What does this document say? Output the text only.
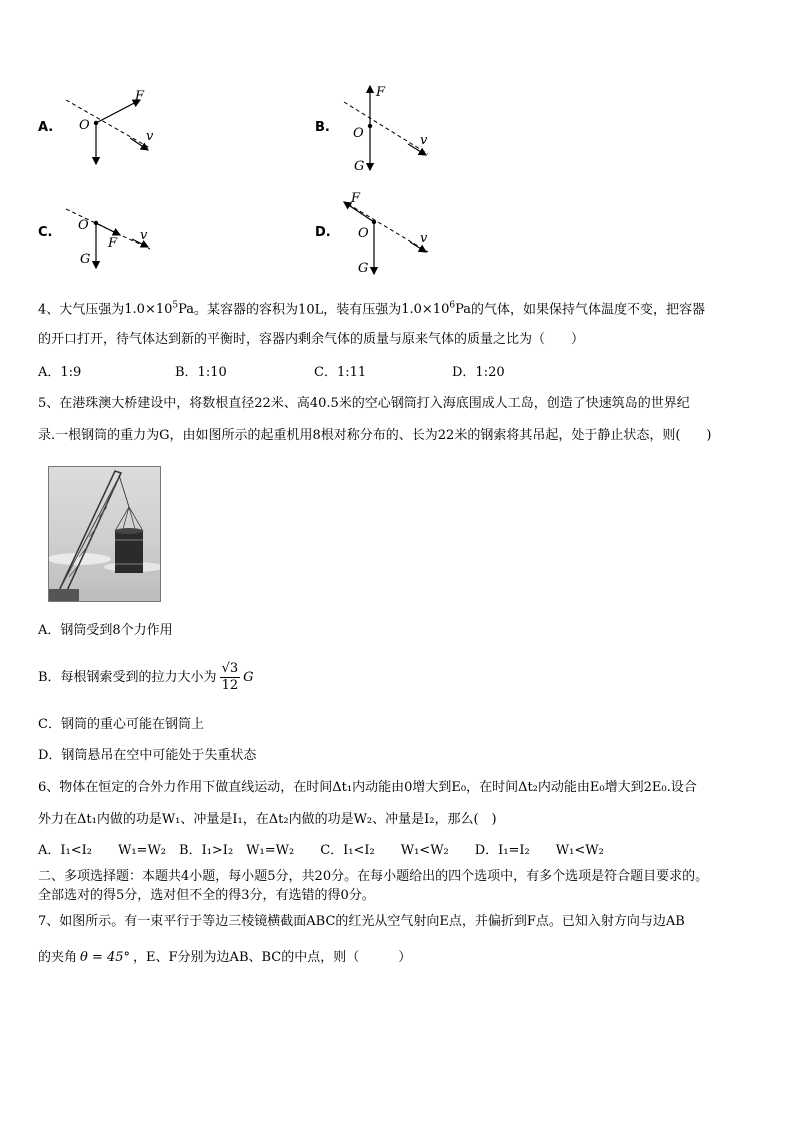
A. O
F
v
B.
F
O	v
G
C. O
F
v
G
D.
F
O	v
G
4、大气压强为$1.0\times 10^5Pa$。某容器的容积为10L，装有压强为$1.0\times 10^6Pa$的气体，如果保持气体温度不变，把容器
的开口打开，待气体达到新的平衡时，容器内剩余气体的质量与原来气体的质量之比为（　　）
A．1:9	B．1:10	C．1:11	D．1:20
5、在港珠澳大桥建设中，将数根直径22米、高40.5米的空心钢筒打入海底围成人工岛，创造了快速筑岛的世界纪
录.一根钢筒的重力为G，由如图所示的起重机用8根对称分布的、长为22米的钢索将其吊起，处于静止状态，则(　　)
A．钢筒受到8个力作用
B．每根钢索受到的拉力大小为 $\frac{√3}{12}$ G
C．钢筒的重心可能在钢筒上
D．钢筒悬吊在空中可能处于失重状态
6、物体在恒定的合外力作用下做直线运动，在时间Δt₁内动能由0增大到E₀，在时间Δt₂内动能由E₀增大到2E₀.设合
外力在Δt₁内做的功是W₁、冲量是I₁，在Δt₂内做的功是W₂、冲量是I₂，那么(　)
A．I₁<I₂　　W₁=W₂　B．I₁>I₂　W₁=W₂　　C．I₁<I₂　　W₁<W₂　　D．I₁=I₂　　W₁<W₂
二、多项选择题：本题共4小题，每小题5分，共20分。在每小题给出的四个选项中，有多个选项是符合题目要求的。
全部选对的得5分，选对但不全的得3分，有选错的得0分。
7、如图所示。有一束平行于等边三棱镜横截面ABC的红光从空气射向E点，并偏折到F点。已知入射方向与边AB
的夹角 θ = 45° ，E、F分别为边AB、BC的中点，则（　　　）
